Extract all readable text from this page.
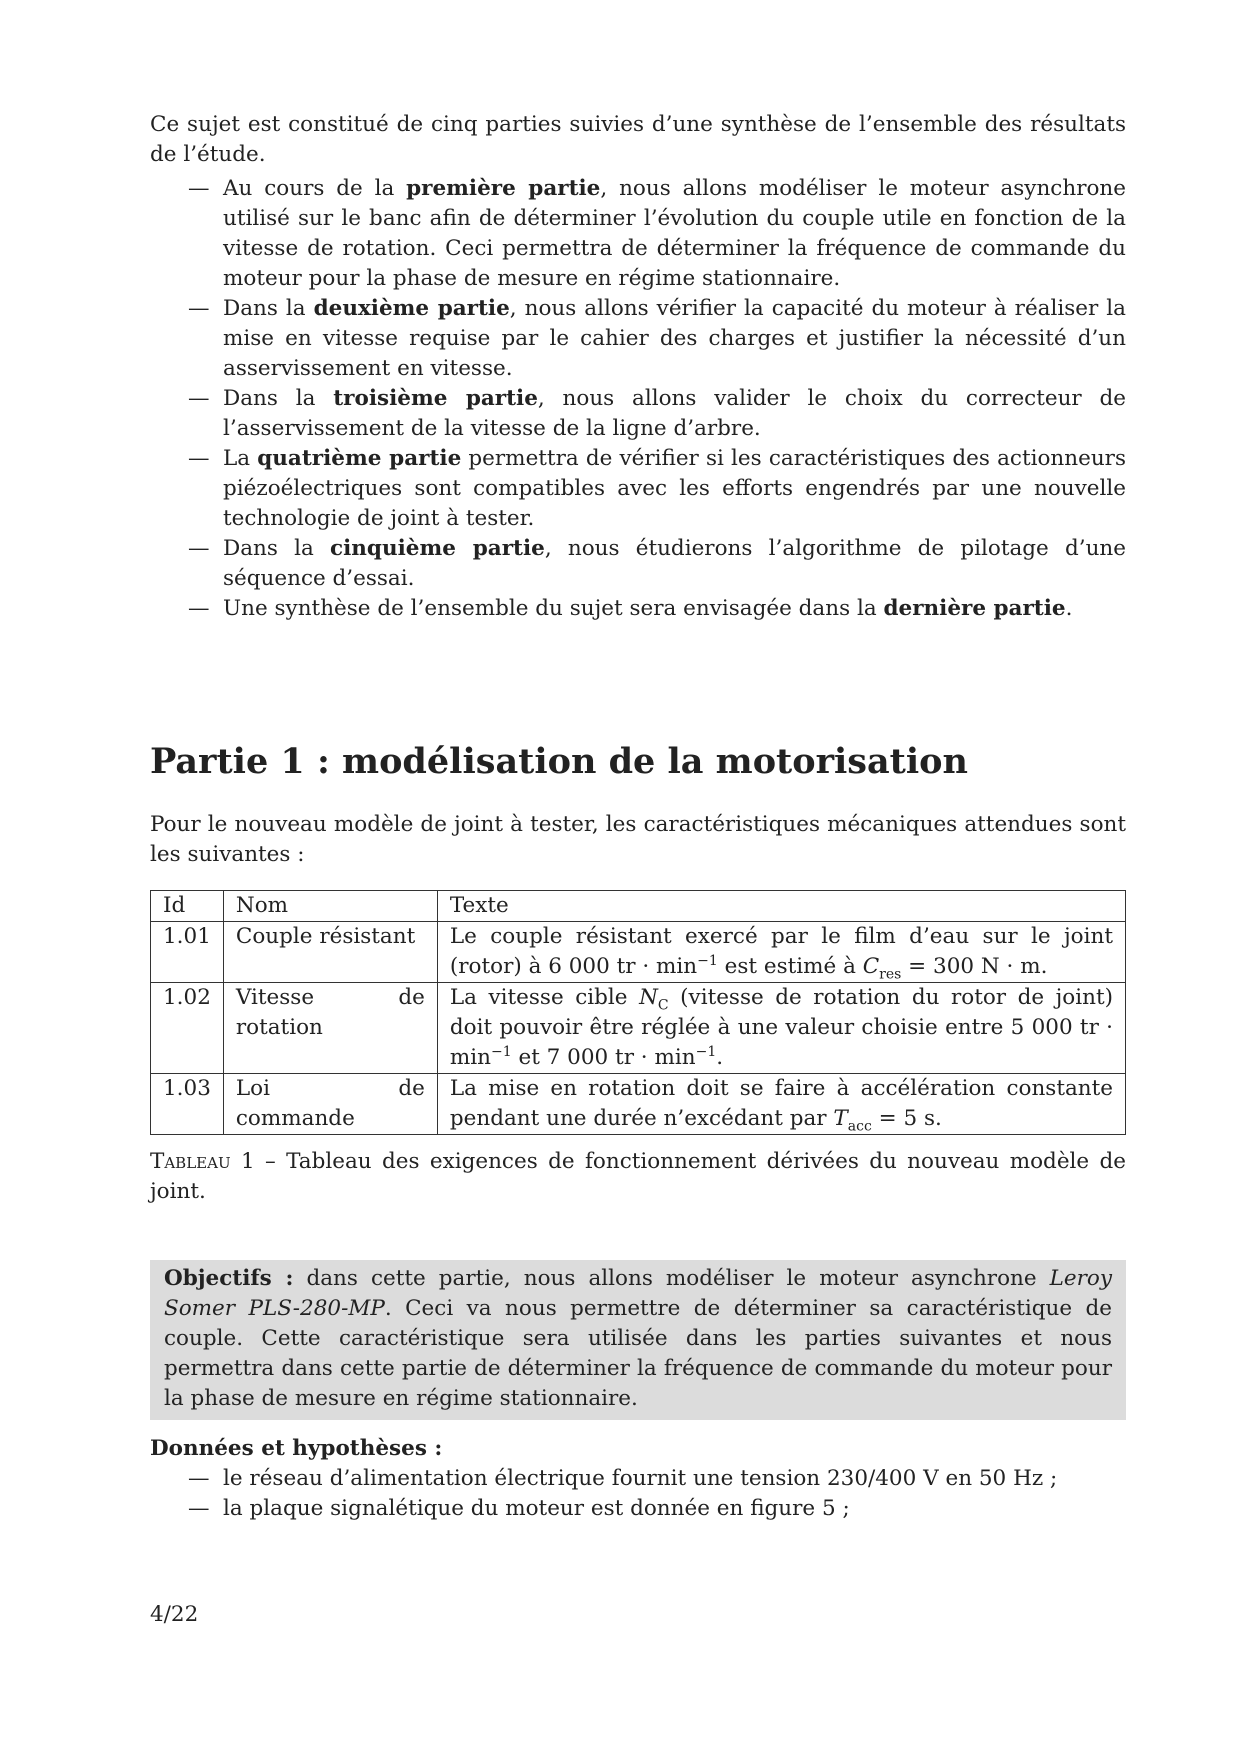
Ce sujet est constitué de cinq parties suivies d’une synthèse de l’ensemble des résultats de l’étude.

— Au cours de la première partie, nous allons modéliser le moteur asynchrone utilisé sur le banc afin de déterminer l’évolution du couple utile en fonction de la vitesse de rotation. Ceci permettra de déterminer la fréquence de commande du moteur pour la phase de mesure en régime stationnaire.
— Dans la deuxième partie, nous allons vérifier la capacité du moteur à réaliser la mise en vitesse requise par le cahier des charges et justifier la nécessité d’un asservissement en vitesse.
— Dans la troisième partie, nous allons valider le choix du correcteur de l’asservissement de la vitesse de la ligne d’arbre.
— La quatrième partie permettra de vérifier si les caractéristiques des actionneurs piézoélectriques sont compatibles avec les efforts engendrés par une nouvelle technologie de joint à tester.
— Dans la cinquième partie, nous étudierons l’algorithme de pilotage d’une séquence d’essai.
— Une synthèse de l’ensemble du sujet sera envisagée dans la dernière partie.
Partie 1 : modélisation de la motorisation

Pour le nouveau modèle de joint à tester, les caractéristiques mécaniques attendues sont les suivantes :

Id	Nom	Texte
1.01	Couple résistant	Le couple résistant exercé par le film d’eau sur le joint (rotor) à 6 000 tr · $\min^{-1}$ est estimé à $C_{res} = 300$ N · m.
1.02	Vitesse de rotation	La vitesse cible $N_C$ (vitesse de rotation du rotor de joint) doit pouvoir être réglée à une valeur choisie entre 5 000 tr · $\min^{-1}$ et 7 000 tr · $\min^{-1}$.
1.03	Loi de commande	La mise en rotation doit se faire à accélération constante pendant une durée n’excédant par $T_{acc} = 5$ s.

Tableau 1 – Tableau des exigences de fonctionnement dérivées du nouveau modèle de joint.

Objectifs : dans cette partie, nous allons modéliser le moteur asynchrone Leroy Somer PLS-280-MP. Ceci va nous permettre de déterminer sa caractéristique de couple. Cette caractéristique sera utilisée dans les parties suivantes et nous permettra dans cette partie de déterminer la fréquence de commande du moteur pour la phase de mesure en régime stationnaire.

Données et hypothèses :

— le réseau d’alimentation électrique fournit une tension 230/400 V en 50 Hz ;
— la plaque signalétique du moteur est donnée en figure 5 ;
4/22
